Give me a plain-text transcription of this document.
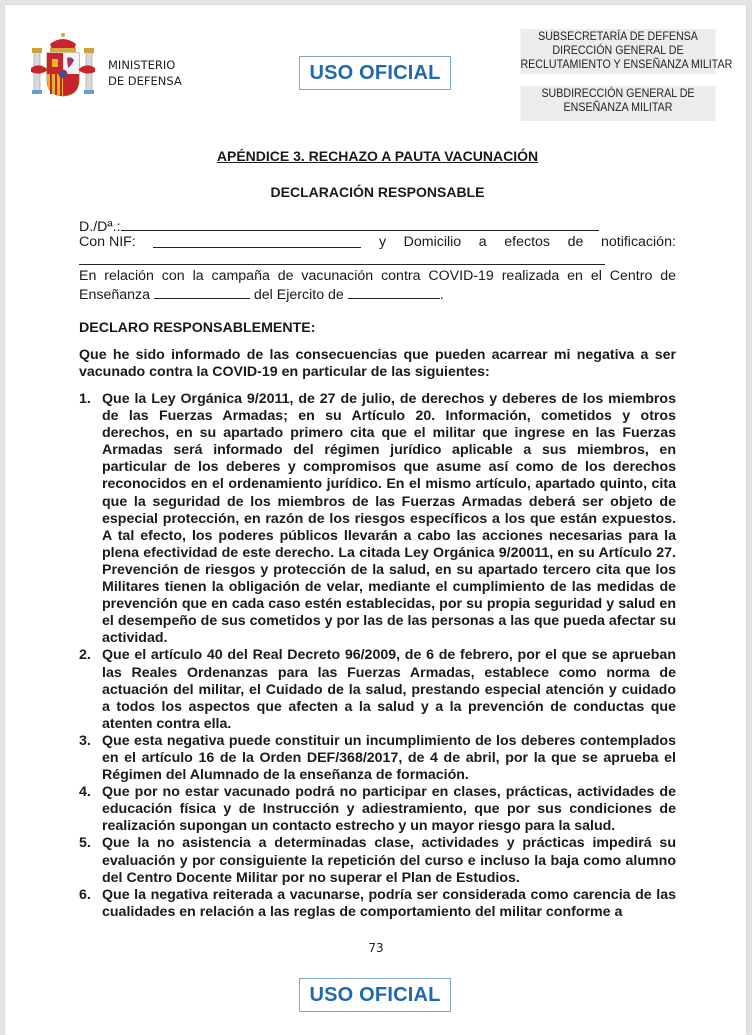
MINISTERIO
DE DEFENSA	USO OFICIAL
SUBSECRETARÍA DE DEFENSA
DIRECCIÓN GENERAL DE
RECLUTAMIENTO Y ENSEÑANZA MILITAR
SUBDIRECCIÓN GENERAL DE
ENSEÑANZA MILITAR
APÉNDICE 3. RECHAZO A PAUTA VACUNACIÓN
DECLARACIÓN RESPONSABLE
D./Dª.:
Con NIF:	y Domicilio a efectos de notificación:
En relación con la campaña de vacunación contra COVID-19 realizada en el Centro de
Enseñanza	del Ejercito de	.
DECLARO RESPONSABLEMENTE:
Que he sido informado de las consecuencias que pueden acarrear mi negativa a ser vacunado contra la COVID-19 en particular de las siguientes:
1. Que la Ley Orgánica 9/2011, de 27 de julio, de derechos y deberes de los miembros de las Fuerzas Armadas; en su Artículo 20. Información, cometidos y otros derechos, en su apartado primero cita que el militar que ingrese en las Fuerzas Armadas será informado del régimen jurídico aplicable a sus miembros, en particular de los deberes y compromisos que asume así como de los derechos reconocidos en el ordenamiento jurídico. En el mismo artículo, apartado quinto, cita que la seguridad de los miembros de las Fuerzas Armadas deberá ser objeto de especial protección, en razón de los riesgos específicos a los que están expuestos. A tal efecto, los poderes públicos llevarán a cabo las acciones necesarias para la plena efectividad de este derecho. La citada Ley Orgánica 9/20011, en su Artículo 27. Prevención de riesgos y protección de la salud, en su apartado tercero cita que los Militares tienen la obligación de velar, mediante el cumplimiento de las medidas de prevención que en cada caso estén establecidas, por su propia seguridad y salud en el desempeño de sus cometidos y por las de las personas a las que pueda afectar su actividad.
2. Que el artículo 40 del Real Decreto 96/2009, de 6 de febrero, por el que se aprueban las Reales Ordenanzas para las Fuerzas Armadas, establece como norma de actuación del militar, el Cuidado de la salud, prestando especial atención y cuidado a todos los aspectos que afecten a la salud y a la prevención de conductas que atenten contra ella.
3. Que esta negativa puede constituir un incumplimiento de los deberes contemplados en el artículo 16 de la Orden DEF/368/2017, de 4 de abril, por la que se aprueba el Régimen del Alumnado de la enseñanza de formación.
4. Que por no estar vacunado podrá no participar en clases, prácticas, actividades de educación física y de Instrucción y adiestramiento, que por sus condiciones de realización supongan un contacto estrecho y un mayor riesgo para la salud.
5. Que la no asistencia a determinadas clase, actividades y prácticas impedirá su evaluación y por consiguiente la repetición del curso e incluso la baja como alumno del Centro Docente Militar por no superar el Plan de Estudios.
6. Que la negativa reiterada a vacunarse, podría ser considerada como carencia de las cualidades en relación a las reglas de comportamiento del militar conforme a
73
USO OFICIAL
